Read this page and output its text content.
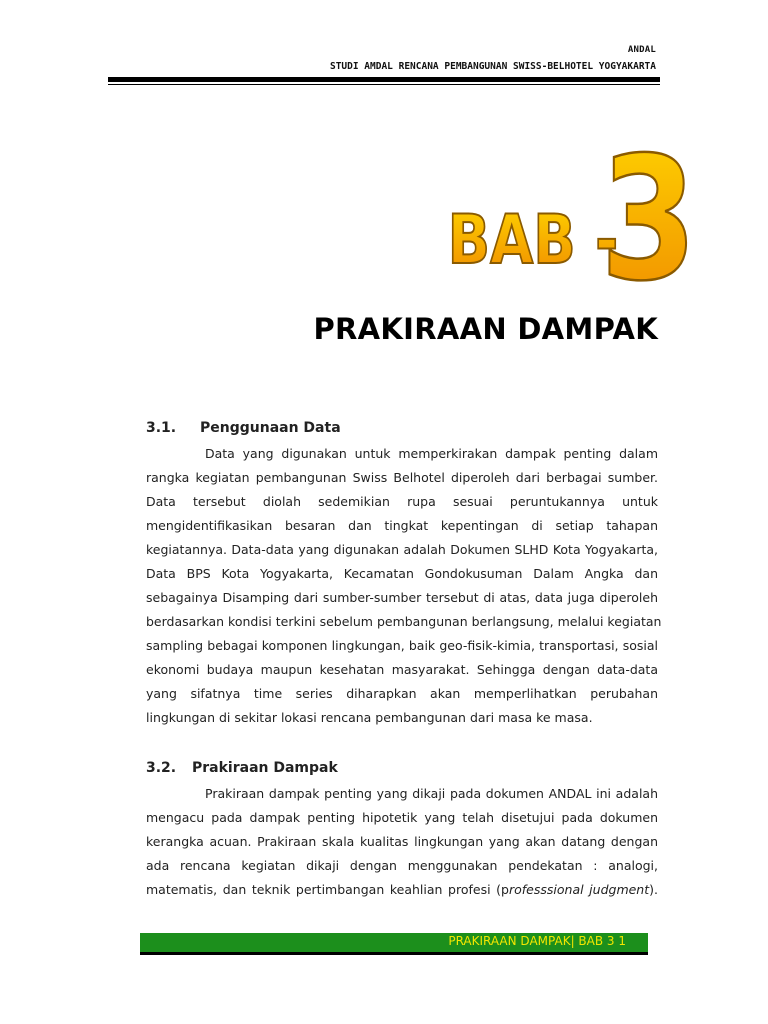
ANDAL
STUDI AMDAL RENCANA PEMBANGUNAN SWISS-BELHOTEL YOGYAKARTA
BAB -
3
PRAKIRAAN DAMPAK
3.1.	Penggunaan Data
Data yang digunakan untuk memperkirakan dampak penting dalam
rangka kegiatan pembangunan Swiss Belhotel diperoleh dari berbagai sumber.
Data tersebut diolah sedemikian rupa sesuai peruntukannya untuk
mengidentifikasikan besaran dan tingkat kepentingan di setiap tahapan
kegiatannya. Data-data yang digunakan adalah Dokumen SLHD Kota Yogyakarta,
Data BPS Kota Yogyakarta, Kecamatan Gondokusuman Dalam Angka dan
sebagainya Disamping dari sumber-sumber tersebut di atas, data juga diperoleh
berdasarkan kondisi terkini sebelum pembangunan berlangsung, melalui kegiatan
sampling bebagai komponen lingkungan, baik geo-fisik-kimia, transportasi, sosial
ekonomi budaya maupun kesehatan masyarakat. Sehingga dengan data-data
yang sifatnya time series diharapkan akan memperlihatkan perubahan
lingkungan di sekitar lokasi rencana pembangunan dari masa ke masa.
3.2.	Prakiraan Dampak
Prakiraan dampak penting yang dikaji pada dokumen ANDAL ini adalah
mengacu pada dampak penting hipotetik yang telah disetujui pada dokumen
kerangka acuan. Prakiraan skala kualitas lingkungan yang akan datang dengan
ada rencana kegiatan dikaji dengan menggunakan pendekatan : analogi,
matematis, dan teknik pertimbangan keahlian profesi (professsional judgment).
PRAKIRAAN DAMPAK| BAB 3 1
